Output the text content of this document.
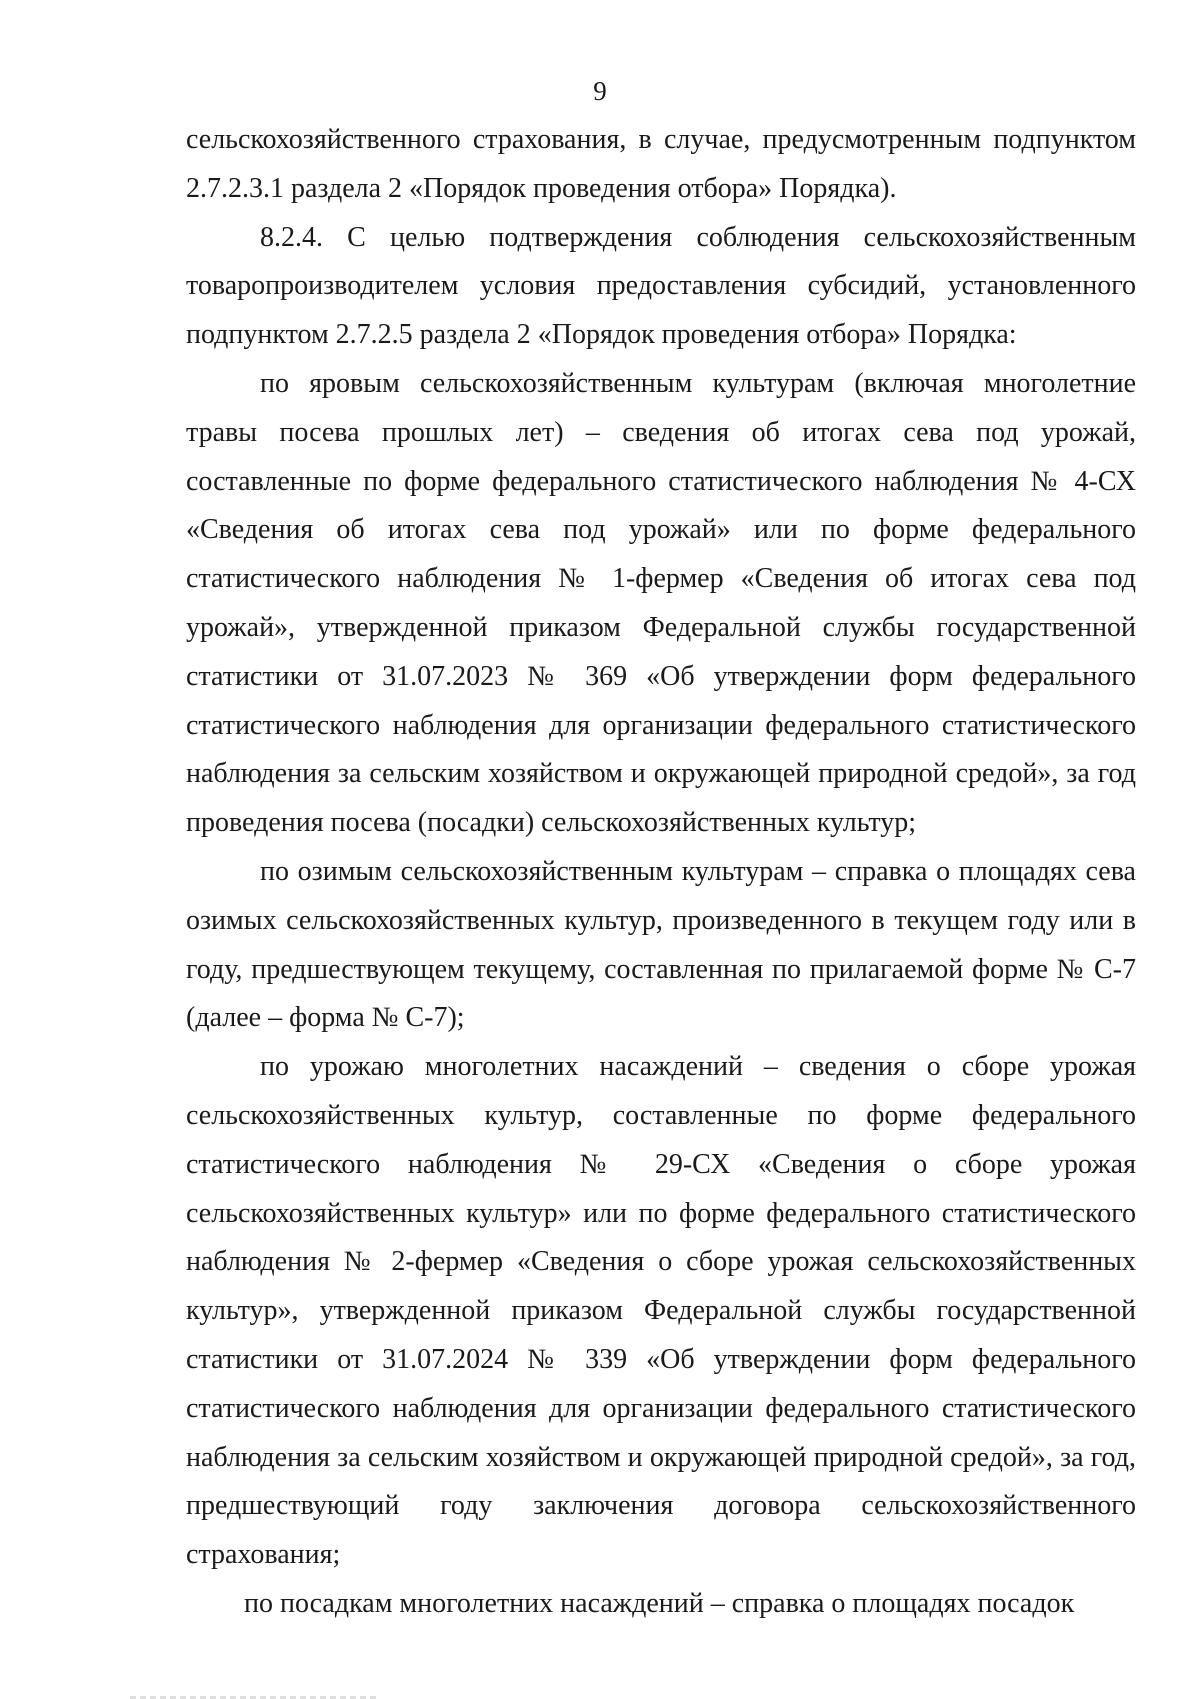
9

сельскохозяйственного страхования, в случае, предусмотренным подпунктом 2.7.2.3.1 раздела 2 «Порядок проведения отбора» Порядка).

8.2.4. С целью подтверждения соблюдения сельскохозяйственным товаропроизводителем условия предоставления субсидий, установленного подпунктом 2.7.2.5 раздела 2 «Порядок проведения отбора» Порядка:

по яровым сельскохозяйственным культурам (включая многолетние травы посева прошлых лет) – сведения об итогах сева под урожай, составленные по форме федерального статистического наблюдения № 4-СХ «Сведения об итогах сева под урожай» или по форме федерального статистического наблюдения № 1-фермер «Сведения об итогах сева под урожай», утвержденной приказом Федеральной службы государственной статистики от 31.07.2023 № 369 «Об утверждении форм федерального статистического наблюдения для организации федерального статистического наблюдения за сельским хозяйством и окружающей природной средой», за год проведения посева (посадки) сельскохозяйственных культур;

по озимым сельскохозяйственным культурам – справка о площадях сева озимых сельскохозяйственных культур, произведенного в текущем году или в году, предшествующем текущему, составленная по прилагаемой форме № С-7 (далее – форма № С-7);

по урожаю многолетних насаждений – сведения о сборе урожая сельскохозяйственных культур, составленные по форме федерального статистического наблюдения № 29-СХ «Сведения о сборе урожая сельскохозяйственных культур» или по форме федерального статистического наблюдения № 2-фермер «Сведения о сборе урожая сельскохозяйственных культур», утвержденной приказом Федеральной службы государственной статистики от 31.07.2024 № 339 «Об утверждении форм федерального статистического наблюдения для организации федерального статистического наблюдения за сельским хозяйством и окружающей природной средой», за год, предшествующий году заключения договора сельскохозяйственного страхования;

по посадкам многолетних насаждений – справка о площадях посадок
